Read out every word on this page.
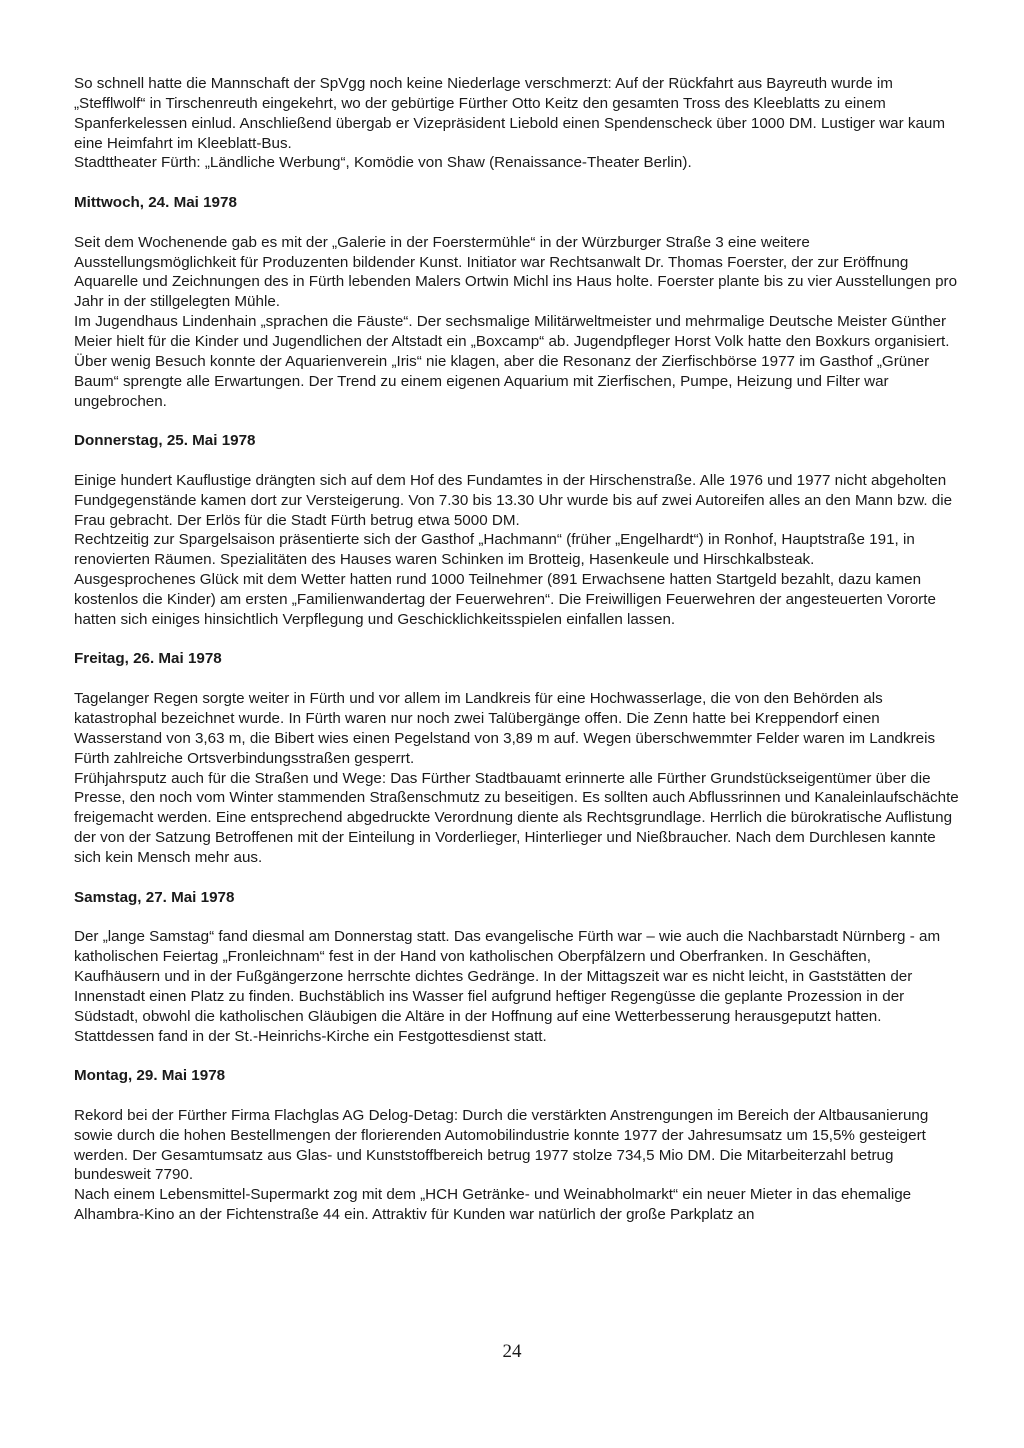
So schnell hatte die Mannschaft der SpVgg noch keine Niederlage verschmerzt: Auf der Rückfahrt aus Bayreuth wurde im „Stefflwolf“ in Tirschenreuth eingekehrt, wo der gebürtige Fürther Otto Keitz den gesamten Tross des Kleeblatts zu einem Spanferkelessen einlud. Anschließend übergab er Vizepräsident Liebold einen Spendenscheck über 1000 DM. Lustiger war kaum eine Heimfahrt im Kleeblatt-Bus.

Stadttheater Fürth: „Ländliche Werbung“, Komödie von Shaw (Renaissance-Theater Berlin).

Mittwoch, 24. Mai 1978

Seit dem Wochenende gab es mit der „Galerie in der Foerstermühle“ in der Würzburger Straße 3 eine weitere Ausstellungsmöglichkeit für Produzenten bildender Kunst. Initiator war Rechtsanwalt Dr. Thomas Foerster, der zur Eröffnung Aquarelle und Zeichnungen des in Fürth lebenden Malers Ortwin Michl ins Haus holte. Foerster plante bis zu vier Ausstellungen pro Jahr in der stillgelegten Mühle.

Im Jugendhaus Lindenhain „sprachen die Fäuste“. Der sechsmalige Militärweltmeister und mehrmalige Deutsche Meister Günther Meier hielt für die Kinder und Jugendlichen der Altstadt ein „Boxcamp“ ab. Jugendpfleger Horst Volk hatte den Boxkurs organisiert.

Über wenig Besuch konnte der Aquarienverein „Iris“ nie klagen, aber die Resonanz der Zierfischbörse 1977 im Gasthof „Grüner Baum“ sprengte alle Erwartungen. Der Trend zu einem eigenen Aquarium mit Zierfischen, Pumpe, Heizung und Filter war ungebrochen.

Donnerstag, 25. Mai 1978

Einige hundert Kauflustige drängten sich auf dem Hof des Fundamtes in der Hirschenstraße. Alle 1976 und 1977 nicht abgeholten Fundgegenstände kamen dort zur Versteigerung. Von 7.30 bis 13.30 Uhr wurde bis auf zwei Autoreifen alles an den Mann bzw. die Frau gebracht. Der Erlös für die Stadt Fürth betrug etwa 5000 DM.

Rechtzeitig zur Spargelsaison präsentierte sich der Gasthof „Hachmann“ (früher „Engelhardt“) in Ronhof, Hauptstraße 191, in renovierten Räumen. Spezialitäten des Hauses waren Schinken im Brotteig, Hasenkeule und Hirschkalbsteak.

Ausgesprochenes Glück mit dem Wetter hatten rund 1000 Teilnehmer (891 Erwachsene hatten Startgeld bezahlt, dazu kamen kostenlos die Kinder) am ersten „Familienwandertag der Feuerwehren“. Die Freiwilligen Feuerwehren der angesteuerten Vororte hatten sich einiges hinsichtlich Verpflegung und Geschicklichkeitsspielen einfallen lassen.

Freitag, 26. Mai 1978

Tagelanger Regen sorgte weiter in Fürth und vor allem im Landkreis für eine Hochwasserlage, die von den Behörden als katastrophal bezeichnet wurde. In Fürth waren nur noch zwei Talübergänge offen. Die Zenn hatte bei Kreppendorf einen Wasserstand von 3,63 m, die Bibert wies einen Pegelstand von 3,89 m auf. Wegen überschwemmter Felder waren im Landkreis Fürth zahlreiche Ortsverbindungsstraßen gesperrt.

Frühjahrsputz auch für die Straßen und Wege: Das Fürther Stadtbauamt erinnerte alle Fürther Grundstückseigentümer über die Presse, den noch vom Winter stammenden Straßenschmutz zu beseitigen. Es sollten auch Abflussrinnen und Kanaleinlaufschächte freigemacht werden. Eine entsprechend abgedruckte Verordnung diente als Rechtsgrundlage. Herrlich die bürokratische Auflistung der von der Satzung Betroffenen mit der Einteilung in Vorderlieger, Hinterlieger und Nießbraucher. Nach dem Durchlesen kannte sich kein Mensch mehr aus.

Samstag, 27. Mai 1978

Der „lange Samstag“ fand diesmal am Donnerstag statt. Das evangelische Fürth war – wie auch die Nachbarstadt Nürnberg - am katholischen Feiertag „Fronleichnam“ fest in der Hand von katholischen Oberpfälzern und Oberfranken. In Geschäften, Kaufhäusern und in der Fußgängerzone herrschte dichtes Gedränge. In der Mittagszeit war es nicht leicht, in Gaststätten der Innenstadt einen Platz zu finden. Buchstäblich ins Wasser fiel aufgrund heftiger Regengüsse die geplante Prozession in der Südstadt, obwohl die katholischen Gläubigen die Altäre in der Hoffnung auf eine Wetterbesserung herausgeputzt hatten. Stattdessen fand in der St.-Heinrichs-Kirche ein Festgottesdienst statt.

Montag, 29. Mai 1978

Rekord bei der Fürther Firma Flachglas AG Delog-Detag: Durch die verstärkten Anstrengungen im Bereich der Altbausanierung sowie durch die hohen Bestellmengen der florierenden Automobilindustrie konnte 1977 der Jahresumsatz um 15,5% gesteigert werden. Der Gesamtumsatz aus Glas- und Kunststoffbereich betrug 1977 stolze 734,5 Mio DM. Die Mitarbeiterzahl betrug bundesweit 7790.

Nach einem Lebensmittel-Supermarkt zog mit dem „HCH Getränke- und Weinabholmarkt“ ein neuer Mieter in das ehemalige Alhambra-Kino an der Fichtenstraße 44 ein. Attraktiv für Kunden war natürlich der große Parkplatz an

24
